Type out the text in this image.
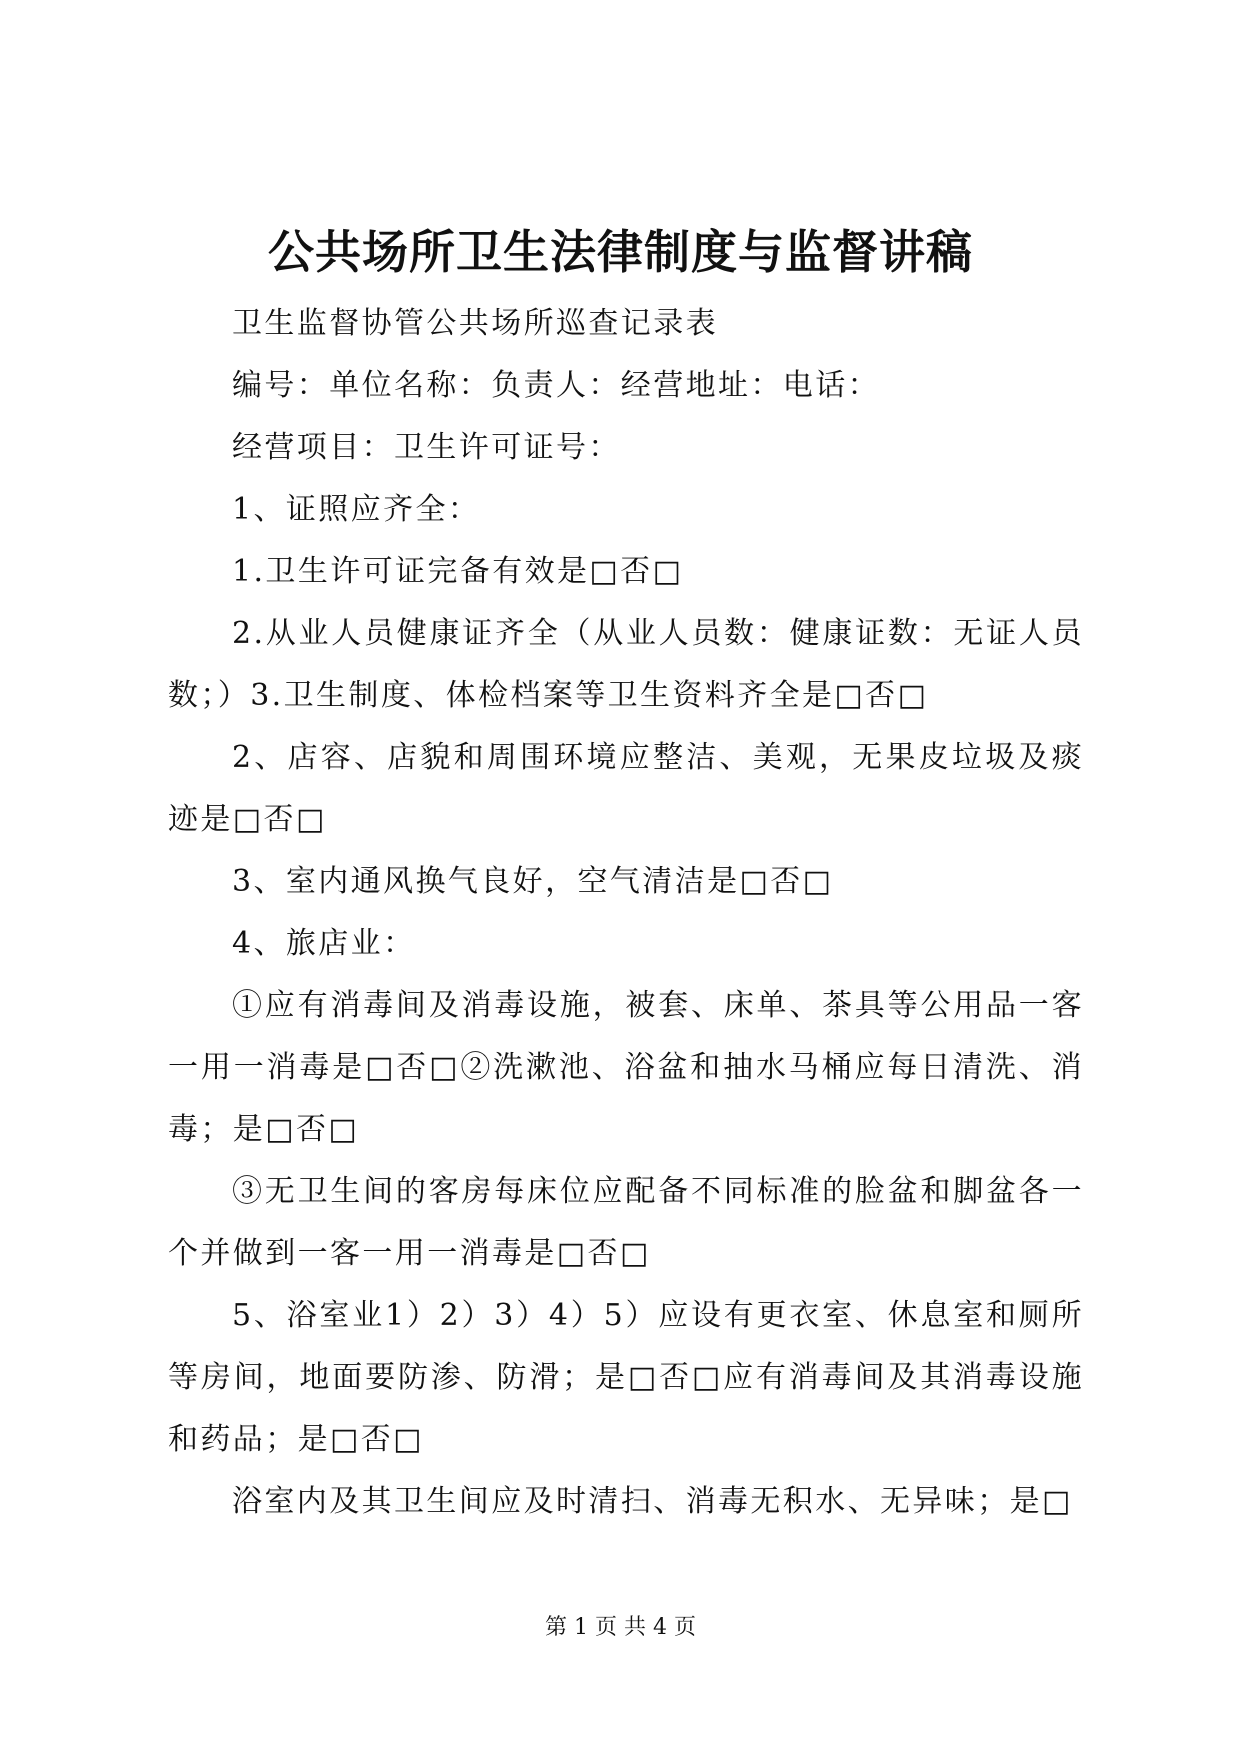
公共场所卫生法律制度与监督讲稿

卫生监督协管公共场所巡查记录表

编号：单位名称：负责人：经营地址：电话：

经营项目：卫生许可证号：

1、证照应齐全：

1.卫生许可证完备有效是□否□

2.从业人员健康证齐全（从业人员数：健康证数：无证人员数；）3.卫生制度、体检档案等卫生资料齐全是□否□

2、店容、店貌和周围环境应整洁、美观，无果皮垃圾及痰迹是□否□

3、室内通风换气良好，空气清洁是□否□

4、旅店业：

①应有消毒间及消毒设施，被套、床单、茶具等公用品一客一用一消毒是□否□②洗漱池、浴盆和抽水马桶应每日清洗、消毒；是□否□

③无卫生间的客房每床位应配备不同标准的脸盆和脚盆各一个并做到一客一用一消毒是□否□

5、浴室业1）2）3）4）5）应设有更衣室、休息室和厕所等房间，地面要防渗、防滑；是□否□应有消毒间及其消毒设施和药品；是□否□

浴室内及其卫生间应及时清扫、消毒无积水、无异味；是□

第 1 页 共 4 页
